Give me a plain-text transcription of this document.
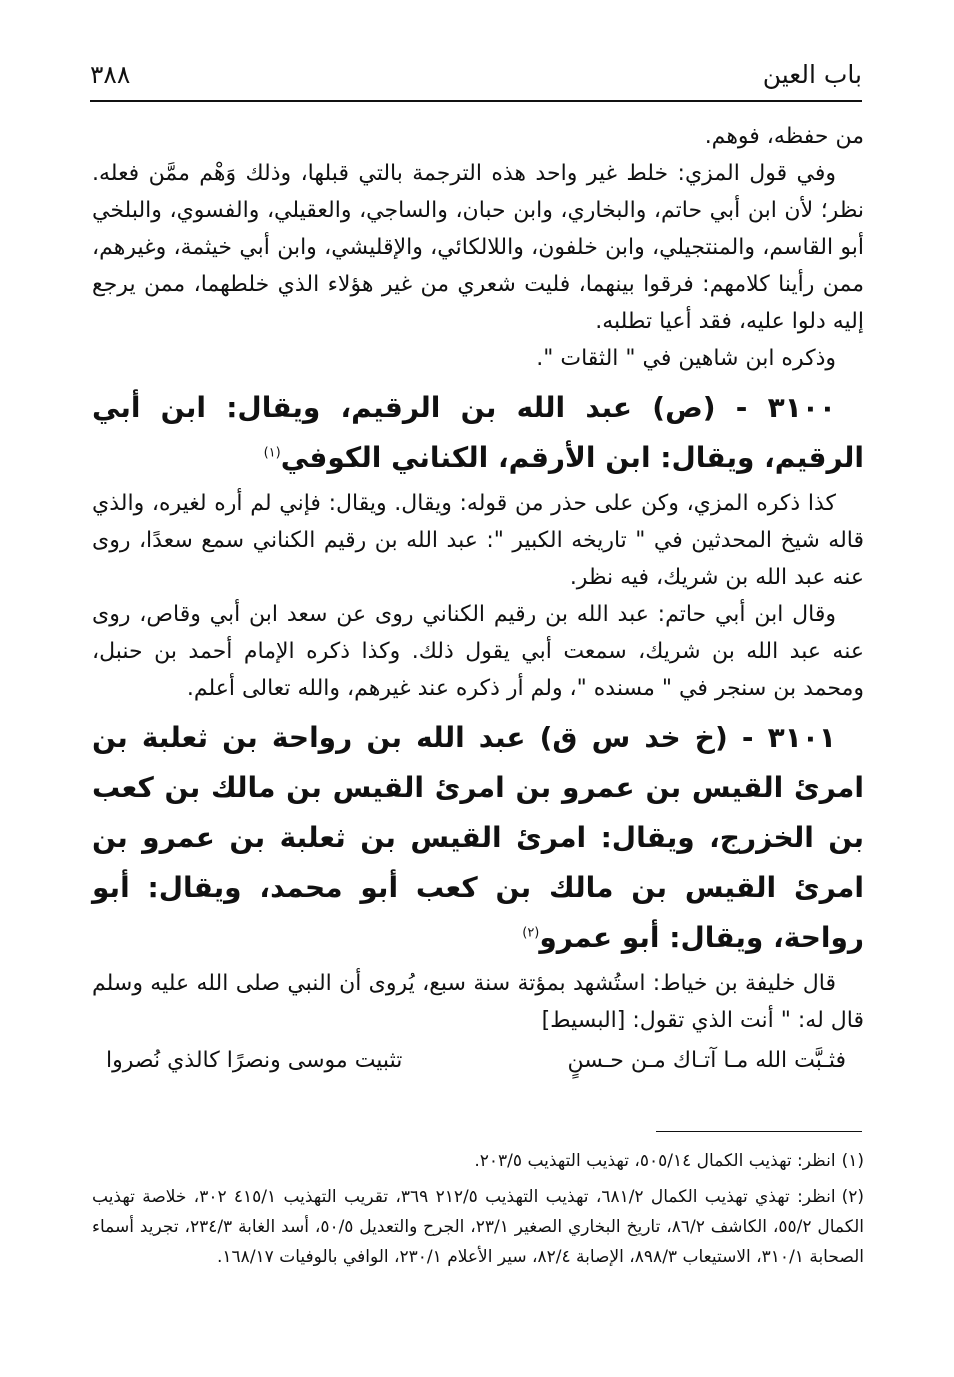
باب العين
٣٨٨

من حفظه، فوهم.

وفي قول المزي: خلط غير واحد هذه الترجمة بالتي قبلها، وذلك وَهْم ممَّن فعله. نظر؛ لأن ابن أبي حاتم، والبخاري، وابن حبان، والساجي، والعقيلي، والفسوي، والبلخي أبو القاسم، والمنتجيلي، وابن خلفون، واللالكائي، والإقليشي، وابن أبي خيثمة، وغيرهم، ممن رأينا كلامهم: فرقوا بينهما، فليت شعري من غير هؤلاء الذي خلطهما، ممن يرجع إليه دلوا عليه، فقد أعيا تطلبه.

وذكره ابن شاهين في " الثقات ".

٣١٠٠ - (ص) عبد الله بن الرقيم، ويقال: ابن أبي الرقيم، ويقال: ابن الأرقم، الكناني الكوفي$^{(١)}$

كذا ذكره المزي، وكن على حذر من قوله: ويقال. ويقال: فإني لم أره لغيره، والذي قاله شيخ المحدثين في " تاريخه الكبير ": عبد الله بن رقيم الكناني سمع سعدًا، روى عنه عبد الله بن شريك، فيه نظر.

وقال ابن أبي حاتم: عبد الله بن رقيم الكناني روى عن سعد ابن أبي وقاص، روى عنه عبد الله بن شريك، سمعت أبي يقول ذلك. وكذا ذكره الإمام أحمد بن حنبل، ومحمد بن سنجر في " مسنده "، ولم أر ذكره عند غيرهم، والله تعالى أعلم.

٣١٠١ - (خ خد س ق) عبد الله بن رواحة بن ثعلبة بن امرئ القيس بن عمرو بن امرئ القيس بن مالك بن كعب بن الخزرج، ويقال: امرئ القيس بن ثعلبة بن عمرو بن امرئ القيس بن مالك بن كعب أبو محمد، ويقال: أبو رواحة، ويقال: أبو عمرو$^{(٢)}$

قال خليفة بن خياط: استُشهد بمؤتة سنة سبع، يُروى أن النبي صلى الله عليه وسلم قال له: " أنت الذي تقول: [البسيط]

فثـبَّت الله مـا آتـاك مـن حـسنٍ
تثبيت موسى ونصرًا كالذي نُصروا

(١)انظر: تهذيب الكمال ٥٠٥/١٤، تهذيب التهذيب ٢٠٣/٥.

(٢)انظر: تهذي تهذيب الكمال ٦٨١/٢، تهذيب التهذيب ٢١٢/٥ ٣٦٩، تقريب التهذيب ٤١٥/١ ٣٠٢، خلاصة تهذيب الكمال ٥٥/٢، الكاشف ٨٦/٢، تاريخ البخاري الصغير ٢٣/١، الجرح والتعديل ٥٠/٥، أسد الغابة ٢٣٤/٣، تجريد أسماء الصحابة ٣١٠/١، الاستيعاب ٨٩٨/٣، الإصابة ٨٢/٤، سير الأعلام ٢٣٠/١، الوافي بالوفيات ١٦٨/١٧.
